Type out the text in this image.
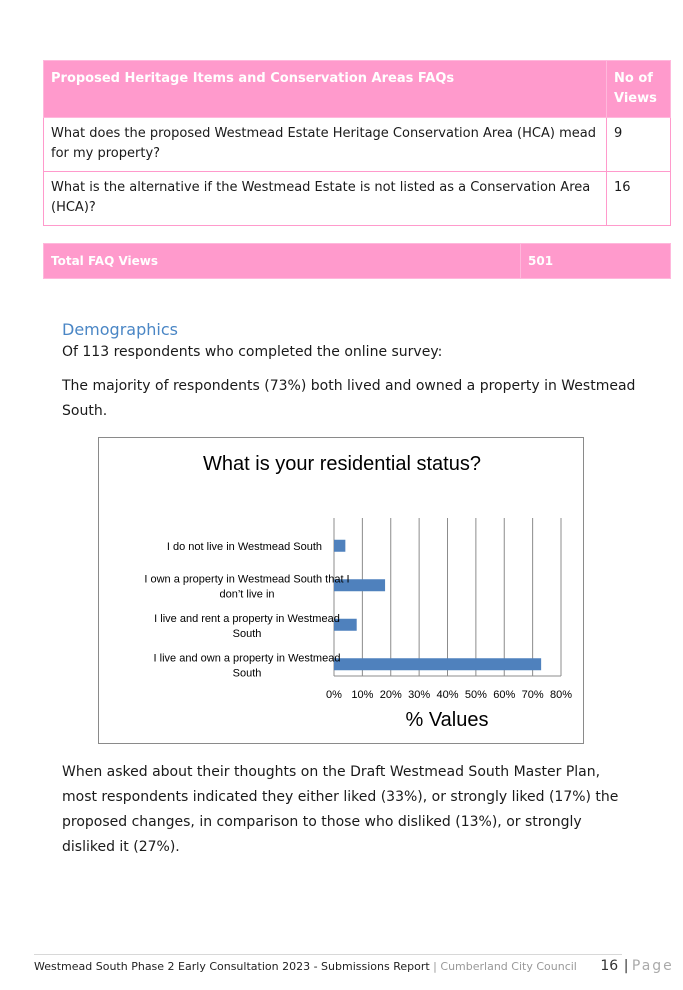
Proposed Heritage Items and Conservation Areas FAQs	No of
Views
What does the proposed Westmead Estate Heritage Conservation Area (HCA) mead for my property?	9
What is the alternative if the Westmead Estate is not listed as a Conservation Area (HCA)?	16
Total FAQ Views	501
Demographics
Of 113 respondents who completed the online survey:
The majority of respondents (73%) both lived and owned a property in Westmead
South.
What is your residential status?
I do not live in Westmead South
I own a property in Westmead South that I
don’t live in
I live and rent a property in Westmead
South
I live and own a property in Westmead
South
0% 10% 20% 30% 40% 50% 60% 70% 80%
% Values
When asked about their thoughts on the Draft Westmead South Master Plan,
most respondents indicated they either liked (33%), or strongly liked (17%) the
proposed changes, in comparison to those who disliked (13%), or strongly
disliked it (27%).
Westmead South Phase 2 Early Consultation 2023 - Submissions Report | Cumberland City Council 16 | Page
